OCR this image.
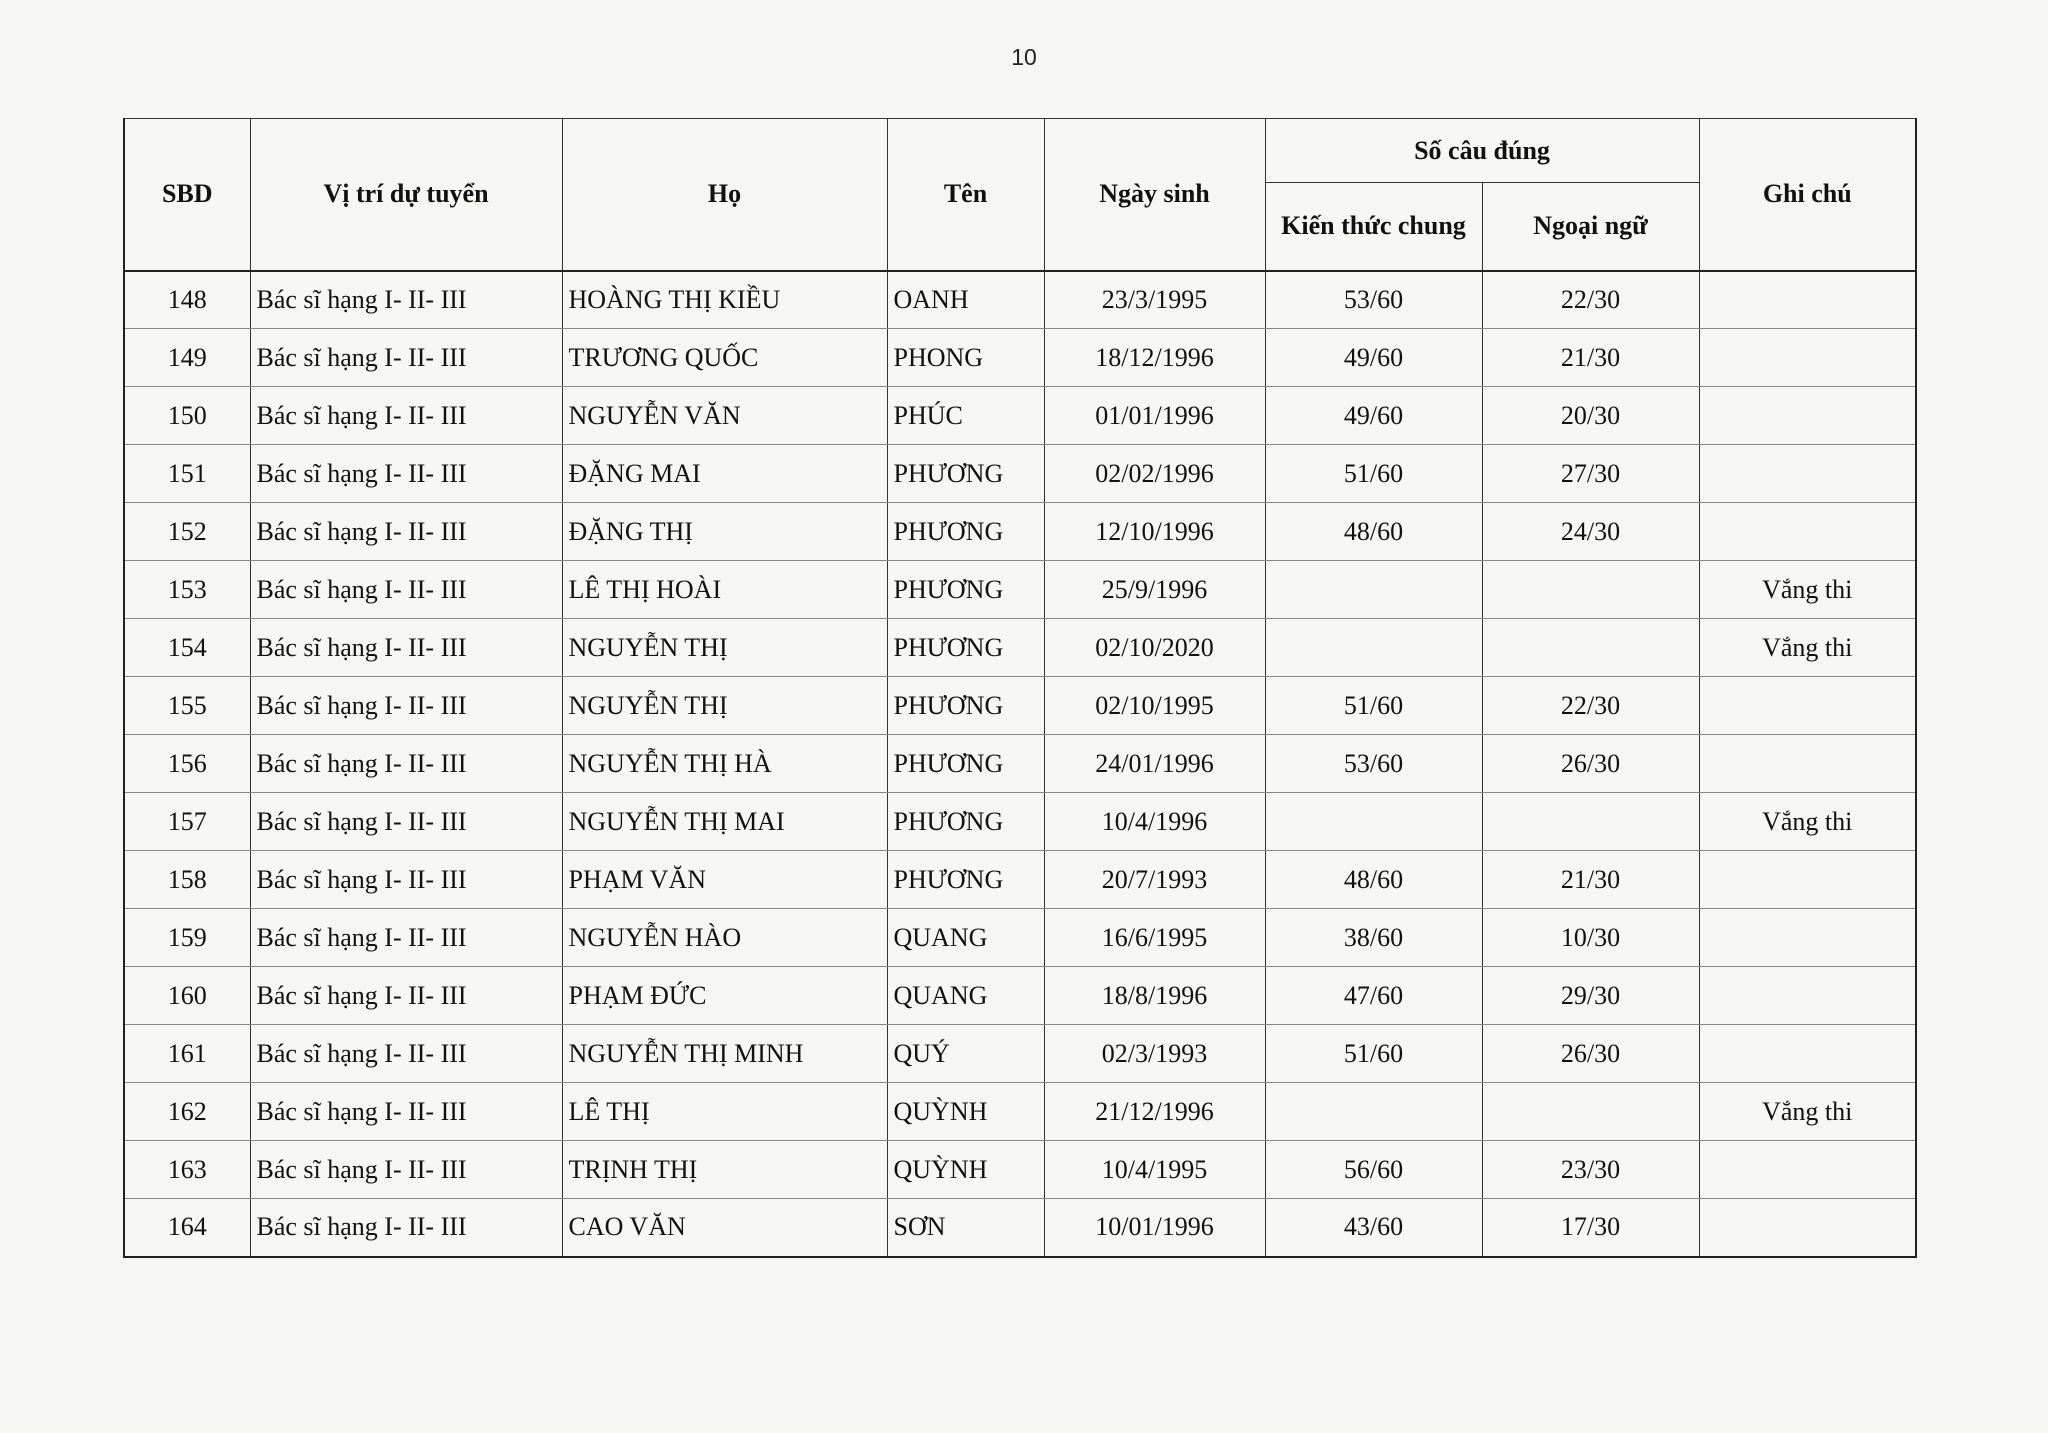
10
SBD	Vị trí dự tuyển	Họ	Tên	Ngày sinh	Số câu đúng		Ghi chú
					Kiến thức chung	Ngoại ngữ	
148	Bác sĩ hạng I- II- III	HOÀNG THỊ KIỀU	OANH	23/3/1995	53/60	22/30	
149	Bác sĩ hạng I- II- III	TRƯƠNG QUỐC	PHONG	18/12/1996	49/60	21/30	
150	Bác sĩ hạng I- II- III	NGUYỄN VĂN	PHÚC	01/01/1996	49/60	20/30	
151	Bác sĩ hạng I- II- III	ĐẶNG MAI	PHƯƠNG	02/02/1996	51/60	27/30	
152	Bác sĩ hạng I- II- III	ĐẶNG THỊ	PHƯƠNG	12/10/1996	48/60	24/30	
153	Bác sĩ hạng I- II- III	LÊ THỊ HOÀI	PHƯƠNG	25/9/1996			Vắng thi
154	Bác sĩ hạng I- II- III	NGUYỄN THỊ	PHƯƠNG	02/10/2020			Vắng thi
155	Bác sĩ hạng I- II- III	NGUYỄN THỊ	PHƯƠNG	02/10/1995	51/60	22/30	
156	Bác sĩ hạng I- II- III	NGUYỄN THỊ HÀ	PHƯƠNG	24/01/1996	53/60	26/30	
157	Bác sĩ hạng I- II- III	NGUYỄN THỊ MAI	PHƯƠNG	10/4/1996			Vắng thi
158	Bác sĩ hạng I- II- III	PHẠM VĂN	PHƯƠNG	20/7/1993	48/60	21/30	
159	Bác sĩ hạng I- II- III	NGUYỄN HÀO	QUANG	16/6/1995	38/60	10/30	
160	Bác sĩ hạng I- II- III	PHẠM ĐỨC	QUANG	18/8/1996	47/60	29/30	
161	Bác sĩ hạng I- II- III	NGUYỄN THỊ MINH	QUÝ	02/3/1993	51/60	26/30	
162	Bác sĩ hạng I- II- III	LÊ THỊ	QUỲNH	21/12/1996			Vắng thi
163	Bác sĩ hạng I- II- III	TRỊNH THỊ	QUỲNH	10/4/1995	56/60	23/30	
164	Bác sĩ hạng I- II- III	CAO VĂN	SƠN	10/01/1996	43/60	17/30	
